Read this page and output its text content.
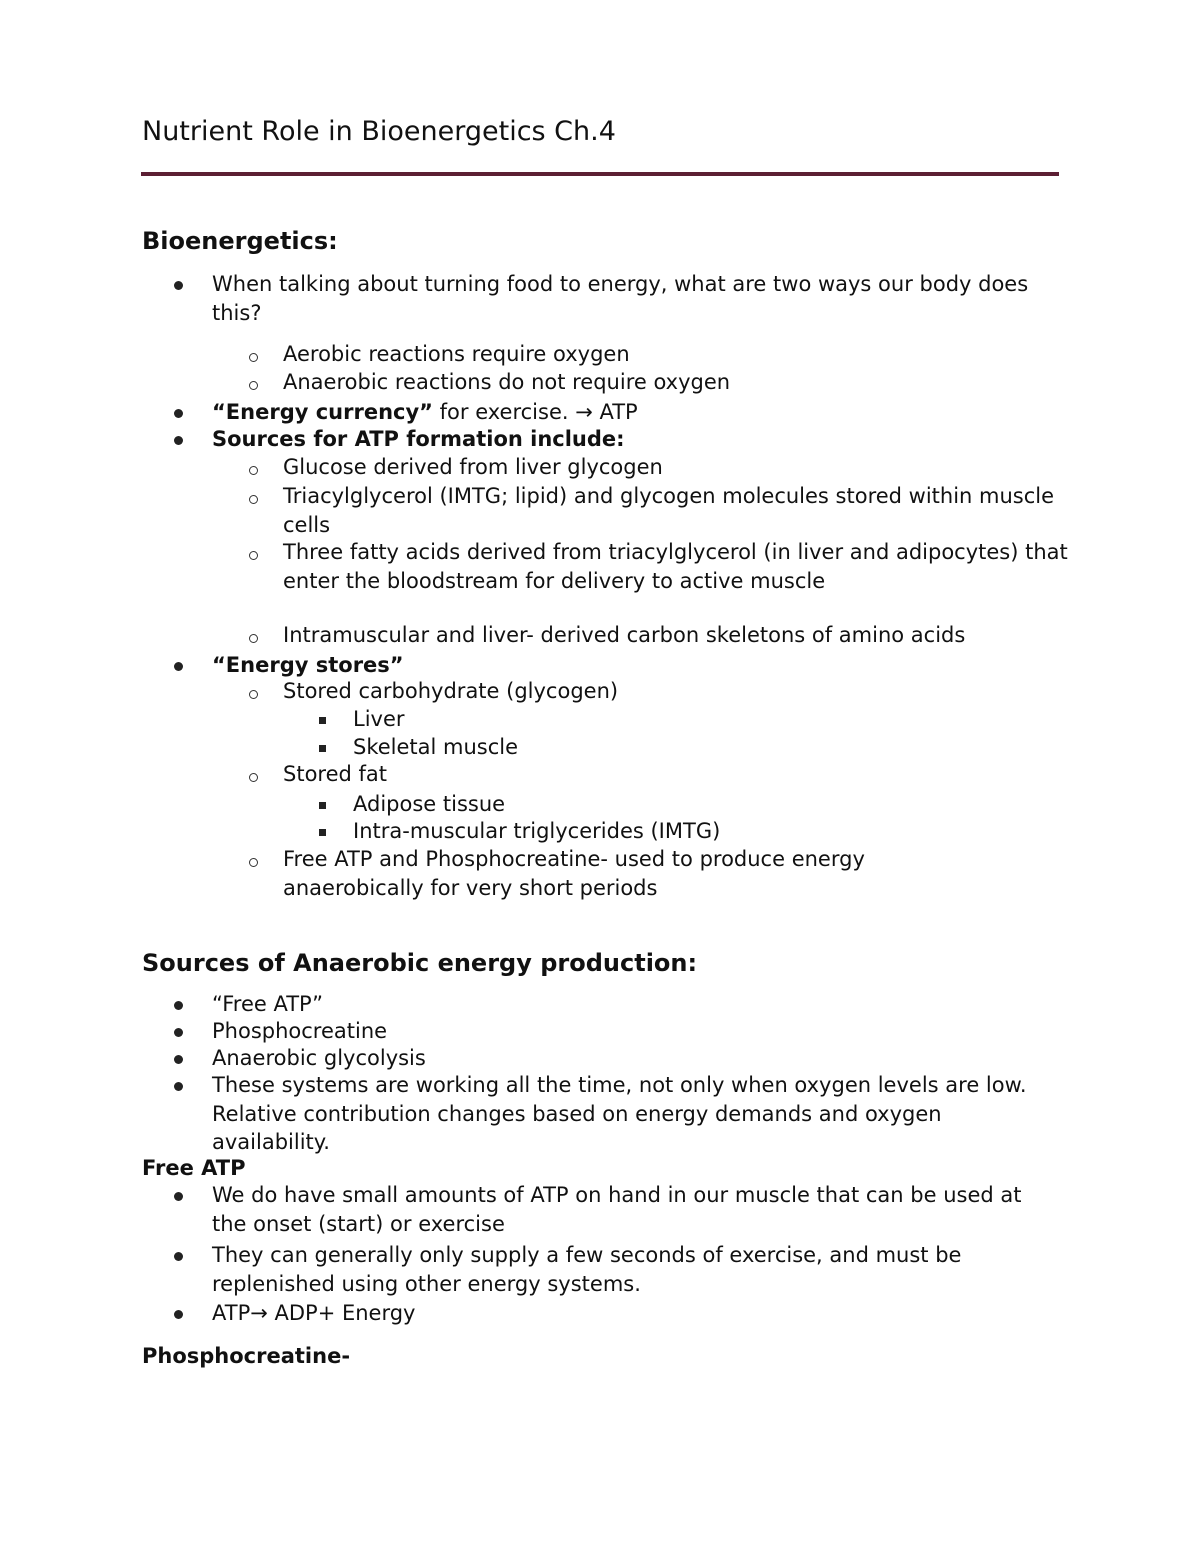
Nutrient Role in Bioenergetics Ch.4
Bioenergetics:
When talking about turning food to energy, what are two ways our body does this?
Aerobic reactions require oxygen
Anaerobic reactions do not require oxygen
“Energy currency” for exercise. → ATP
Sources for ATP formation include:
Glucose derived from liver glycogen
Triacylglycerol (IMTG; lipid) and glycogen molecules stored within muscle cells
Three fatty acids derived from triacylglycerol (in liver and adipocytes) that enter the bloodstream for delivery to active muscle
Intramuscular and liver- derived carbon skeletons of amino acids
“Energy stores”
Stored carbohydrate (glycogen)
Liver
Skeletal muscle
Stored fat
Adipose tissue
Intra-muscular triglycerides (IMTG)
Free ATP and Phosphocreatine- used to produce energy anaerobically for very short periods
Sources of Anaerobic energy production:
“Free ATP”
Phosphocreatine
Anaerobic glycolysis
These systems are working all the time, not only when oxygen levels are low. Relative contribution changes based on energy demands and oxygen availability.
Free ATP
We do have small amounts of ATP on hand in our muscle that can be used at the onset (start) or exercise
They can generally only supply a few seconds of exercise, and must be replenished using other energy systems.
ATP→ ADP+ Energy
Phosphocreatine-
